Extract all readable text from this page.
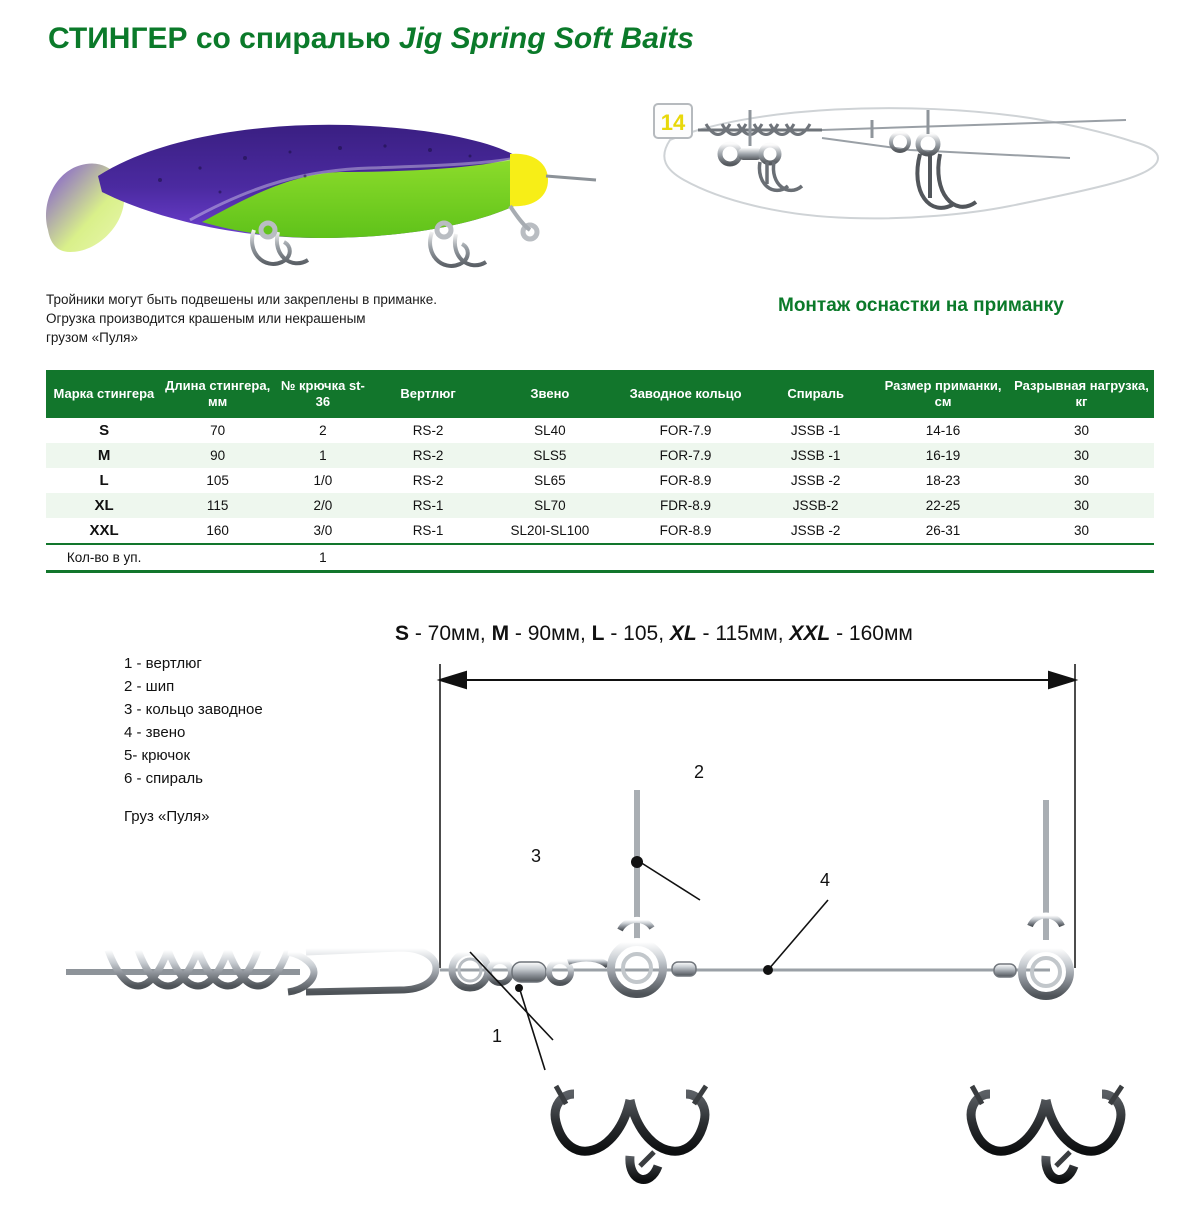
СТИНГЕР со спиралью Jig Spring Soft Baits
14
Тройники могут быть подвешены или закреплены в приманке.
Огрузка производится крашеным или некрашеным
грузом «Пуля»
Монтаж оснастки на приманку
Марка стингера	Длина стингера, мм	№ крючка st-36	Вертлюг	Звено	Заводное кольцо	Спираль	Размер приманки, см	Разрывная нагрузка, кг
S	70	2	RS-2	SL40	FOR-7.9	JSSB -1	14-16	30
M	90	1	RS-2	SLS5	FOR-7.9	JSSB -1	16-19	30
L	105	1/0	RS-2	SL65	FOR-8.9	JSSB -2	18-23	30
XL	115	2/0	RS-1	SL70	FDR-8.9	JSSB-2	22-25	30
XXL	160	3/0	RS-1	SL20I-SL100	FOR-8.9	JSSB -2	26-31	30
Кол-во в уп.		1						
S - 70мм, M - 90мм, L - 105, XL - 115мм, XXL - 160мм
1 - вертлюг
2 - шип
3 - кольцо заводное
4 - звено
5- крючок
6 - спираль
Груз «Пуля»
1
2
3
4
